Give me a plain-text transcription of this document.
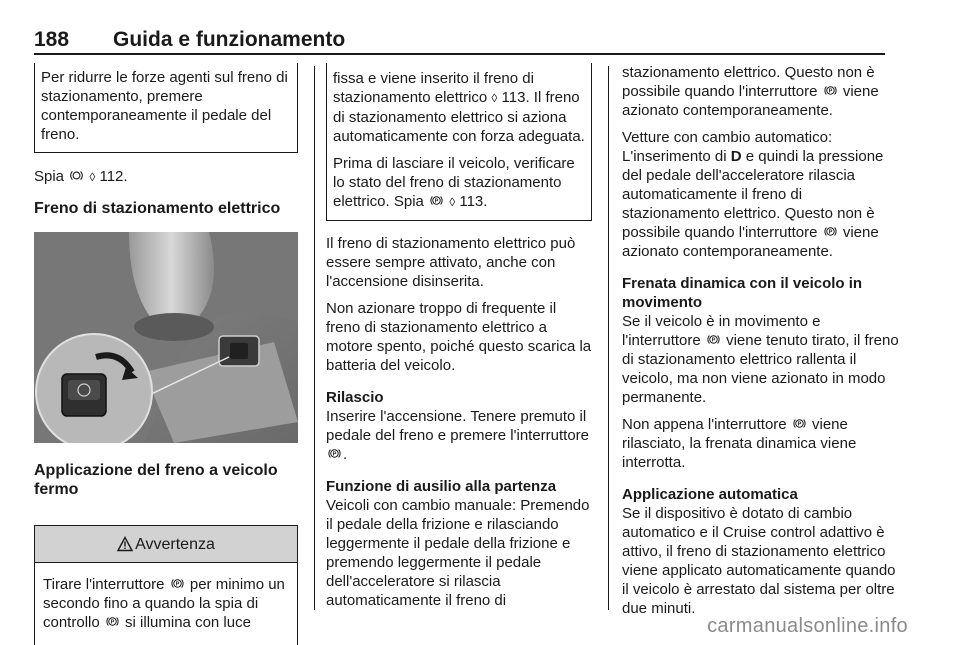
188 Guida e funzionamento

Per ridurre le forze agenti sul freno di stazionamento, premere contemporaneamente il pedale del freno.

Spia ◊ 112.

Freno di stazionamento elettrico

Applicazione del freno a veicolo fermo

Avvertenza
Tirare l'interruttore per minimo un secondo fino a quando la spia di controllo si illumina con luce

fissa e viene inserito il freno di stazionamento elettrico ◊ 113. Il freno di stazionamento elettrico si aziona automaticamente con forza adeguata.

Prima di lasciare il veicolo, verificare lo stato del freno di stazionamento elettrico. Spia ◊ 113.

Il freno di stazionamento elettrico può essere sempre attivato, anche con l'accensione disinserita.

Non azionare troppo di frequente il freno di stazionamento elettrico a motore spento, poiché questo scarica la batteria del veicolo.

Rilascio

Inserire l'accensione. Tenere premuto il pedale del freno e premere l'interruttore .

Funzione di ausilio alla partenza

Veicoli con cambio manuale: Premendo il pedale della frizione e rilasciando leggermente il pedale della frizione e premendo leggermente il pedale dell'acceleratore si rilascia automaticamente il freno di

stazionamento elettrico. Questo non è possibile quando l'interruttore viene azionato contemporaneamente.

Vetture con cambio automatico: L'inserimento di D e quindi la pressione del pedale dell'acceleratore rilascia automaticamente il freno di stazionamento elettrico. Questo non è possibile quando l'interruttore viene azionato contemporaneamente.

Frenata dinamica con il veicolo in movimento

Se il veicolo è in movimento e l'interruttore viene tenuto tirato, il freno di stazionamento elettrico rallenta il veicolo, ma non viene azionato in modo permanente.

Non appena l'interruttore viene rilasciato, la frenata dinamica viene interrotta.

Applicazione automatica

Se il dispositivo è dotato di cambio automatico e il Cruise control adattivo è attivo, il freno di stazionamento elettrico viene applicato automaticamente quando il veicolo è arrestato dal sistema per oltre due minuti.

carmanualsonline.info
